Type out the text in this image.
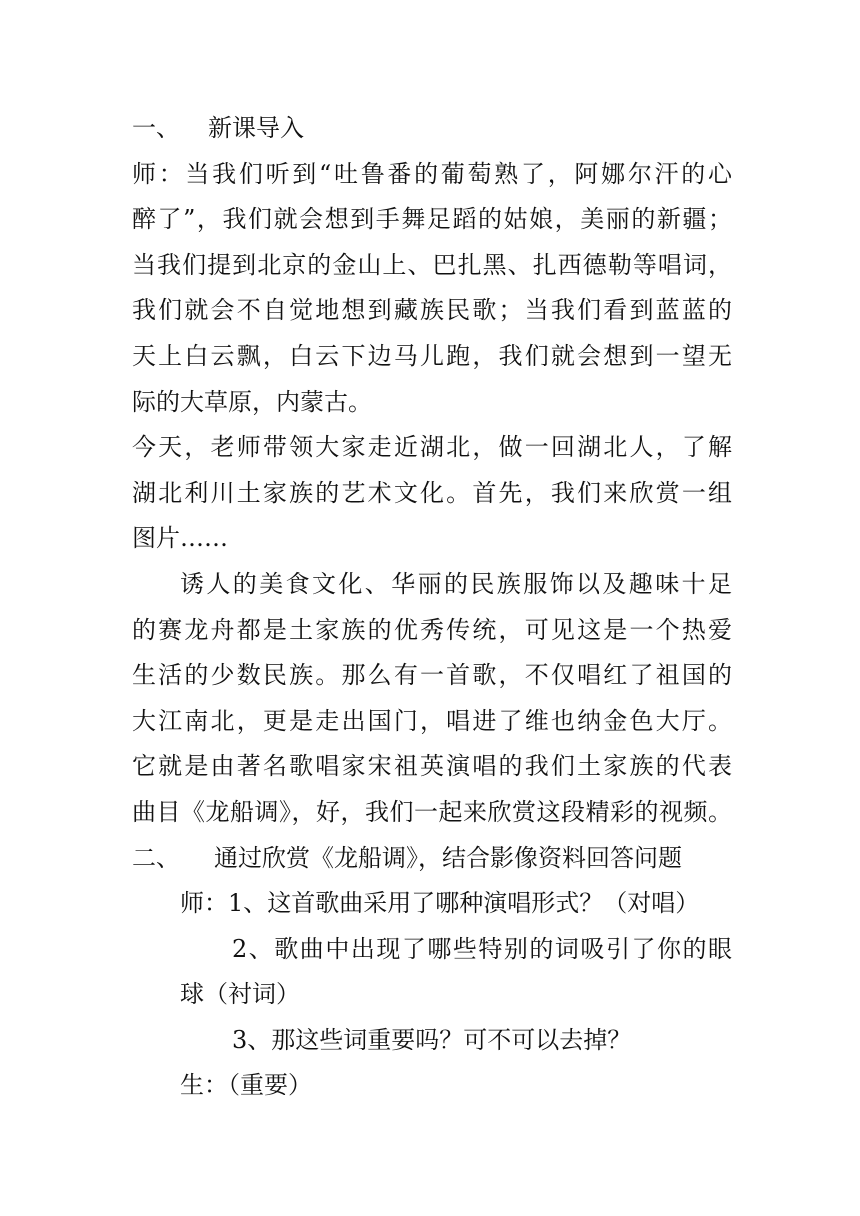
一、 新课导入
师：当我们听到“吐鲁番的葡萄熟了，阿娜尔汗的心
醉了”，我们就会想到手舞足蹈的姑娘，美丽的新疆；
当我们提到北京的金山上、巴扎黑、扎西德勒等唱词，
我们就会不自觉地想到藏族民歌；当我们看到蓝蓝的
天上白云飘，白云下边马儿跑，我们就会想到一望无
际的大草原，内蒙古。
今天，老师带领大家走近湖北，做一回湖北人，了解
湖北利川土家族的艺术文化。首先，我们来欣赏一组
图片……
诱人的美食文化、华丽的民族服饰以及趣味十足
的赛龙舟都是土家族的优秀传统，可见这是一个热爱
生活的少数民族。那么有一首歌，不仅唱红了祖国的
大江南北，更是走出国门，唱进了维也纳金色大厅。
它就是由著名歌唱家宋祖英演唱的我们土家族的代表
曲目《龙船调》，好，我们一起来欣赏这段精彩的视频。
二、 通过欣赏《龙船调》，结合影像资料回答问题
师：1、这首歌曲采用了哪种演唱形式？（对唱）
2、歌曲中出现了哪些特别的词吸引了你的眼
球（衬词）
3、那这些词重要吗？可不可以去掉？
生：（重要）
